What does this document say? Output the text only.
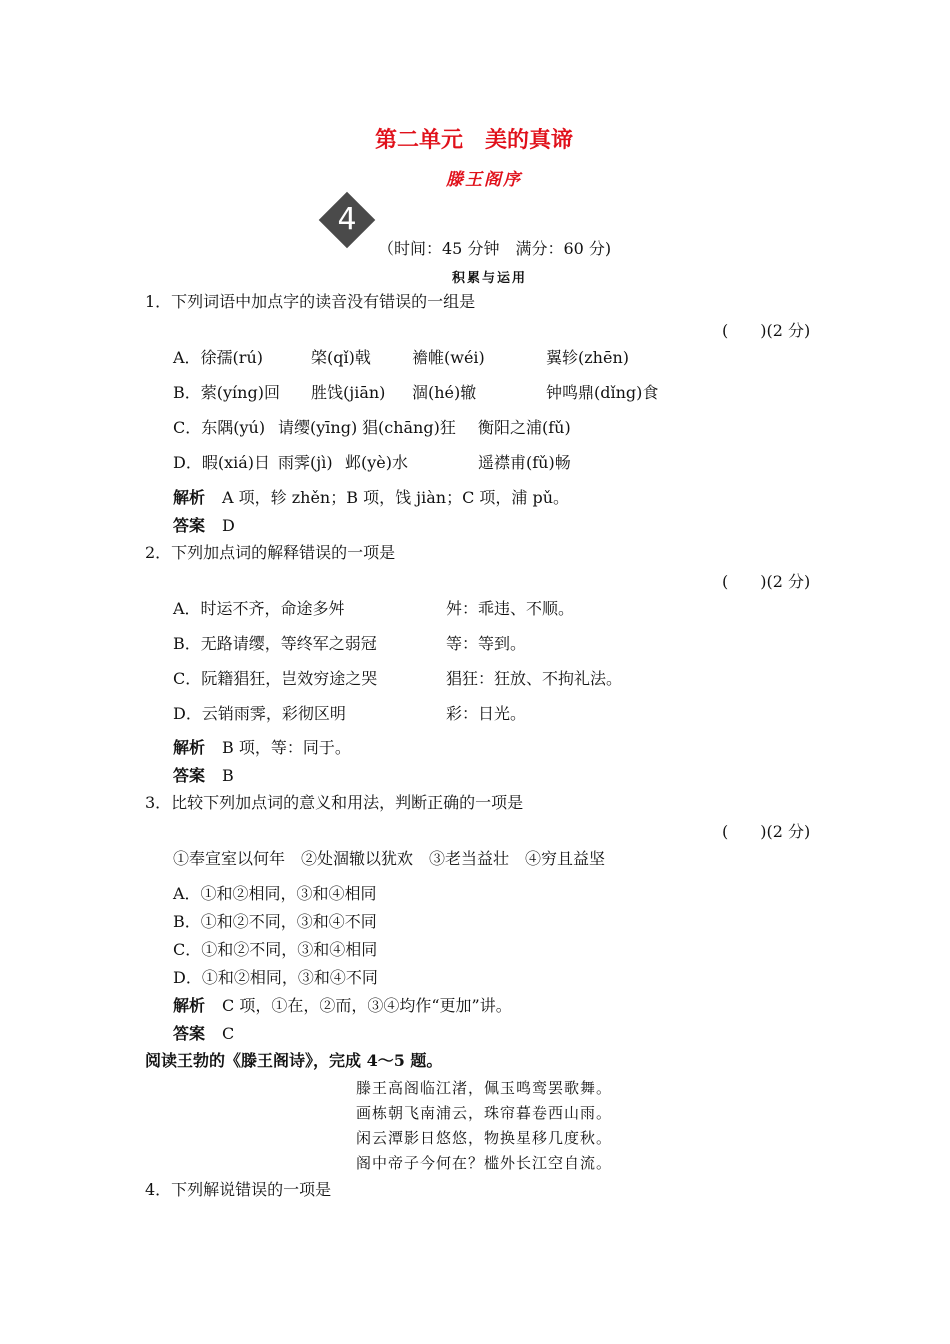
第二单元　美的真谛
滕王阁序
4
（时间：45 分钟　满分：60 分)
积累与运用
1．下列词语中加点字的读音没有错误的一组是
(　　)(2 分)
A．徐孺(rú)	棨(qǐ)戟	襜帷(wéi)	翼轸(zhēn)
B．萦(yíng)回 胜饯(jiān) 涸(hé)辙	钟鸣鼎(dǐng)食
C．东隅(yú) 请缨(yīng) 猖(chāng)狂 衡阳之浦(fǔ)
D．暇(xiá)日 雨霁(jì) 邺(yè)水	遥襟甫(fǔ)畅
解析 A 项，轸 zhěn；B 项，饯 jiàn；C 项，浦 pǔ。
答案 D
2．下列加点词的解释错误的一项是
(　　)(2 分)
A．时运不齐，命途多舛	舛：乖违、不顺。
B．无路请缨，等终军之弱冠	等：等到。
C．阮籍猖狂，岂效穷途之哭	猖狂：狂放、不拘礼法。
D．云销雨霁，彩彻区明	彩：日光。
解析 B 项，等：同于。
答案 B
3．比较下列加点词的意义和用法，判断正确的一项是
(　　)(2 分)
①奉宣室以何年　②处涸辙以犹欢　③老当益壮　④穷且益坚
A．①和②相同，③和④相同
B．①和②不同，③和④不同
C．①和②不同，③和④相同
D．①和②相同，③和④不同
解析 C 项，①在，②而，③④均作“更加”讲。
答案 C
阅读王勃的《滕王阁诗》，完成 4～5 题。
滕王高阁临江渚，佩玉鸣鸾罢歌舞。
画栋朝飞南浦云，珠帘暮卷西山雨。
闲云潭影日悠悠，物换星移几度秋。
阁中帝子今何在？槛外长江空自流。
4．下列解说错误的一项是
